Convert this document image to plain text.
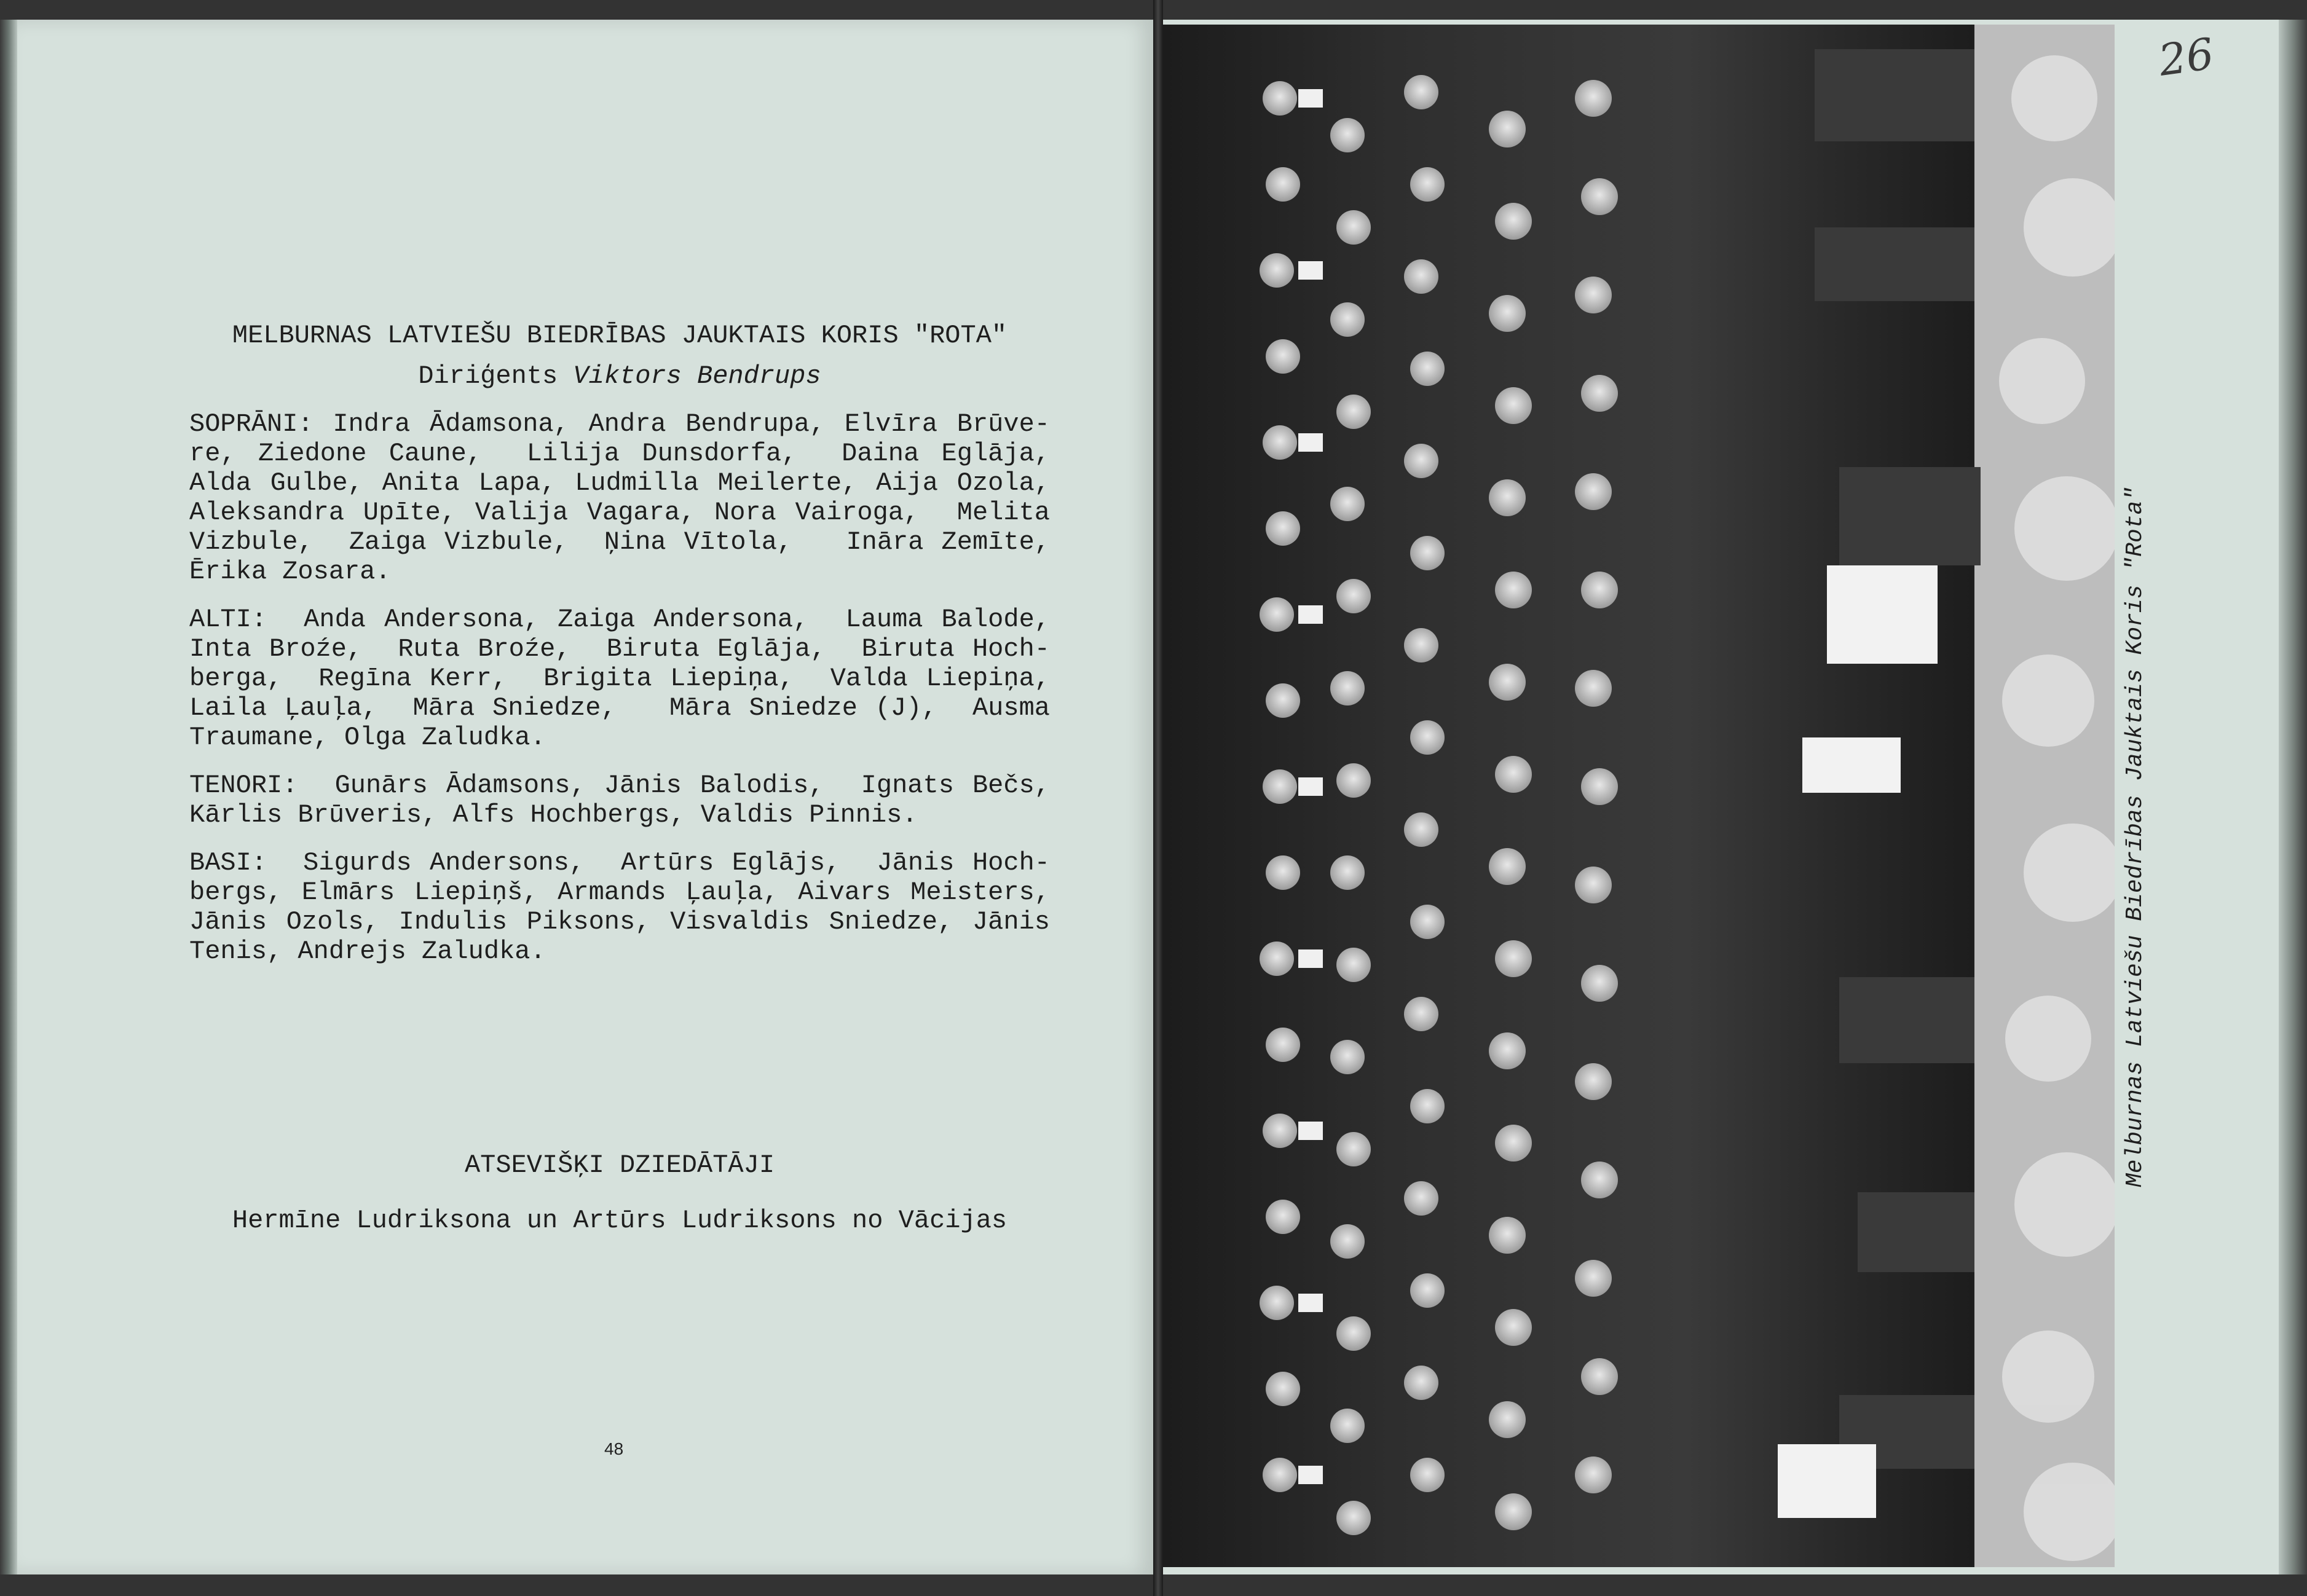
MELBURNAS LATVIEŠU BIEDRĪBAS JAUKTAIS KORIS "ROTA"

Diriģents Viktors Bendrups

SOPRĀNI: Indra Ādamsona, Andra Bendrupa, Elvīra Brūve-re, Ziedone Caune,  Lilija Dunsdorfa,  Daina Eglāja, Alda Gulbe, Anita Lapa, Ludmilla Meilerte, Aija Ozola, Aleksandra Upīte, Valija Vagara, Nora Vairoga,  Melita Vizbule,  Zaiga Vizbule,  Ņina Vītola,   Ināra Zemīte, Ērika Zosara.

ALTI:  Anda Andersona, Zaiga Andersona,  Lauma Balode, Inta Broźe,  Ruta Broźe,  Biruta Eglāja,  Biruta Hoch-berga,  Regīna Kerr,  Brigita Liepiņa,  Valda Liepiņa, Laila Ļauļa,  Māra Sniedze,   Māra Sniedze (J),  Ausma Traumane, Olga Zaludka.

TENORI:  Gunārs Ādamsons, Jānis Balodis,  Ignats Bečs, Kārlis Brūveris, Alfs Hochbergs, Valdis Pinnis.

BASI:  Sigurds Andersons,  Artūrs Eglājs,  Jānis Hoch-bergs, Elmārs Liepiņš, Armands Ļauļa, Aivars Meisters, Jānis Ozols, Indulis Piksons, Visvaldis Sniedze, Jānis Tenis, Andrejs Zaludka.

ATSEVIŠĶI DZIEDĀTĀJI

Hermīne Ludriksona un Artūrs Ludriksons no Vācijas

48
Melburnas Latviešu Biedrības Jauktais Koris "Rota"
26
